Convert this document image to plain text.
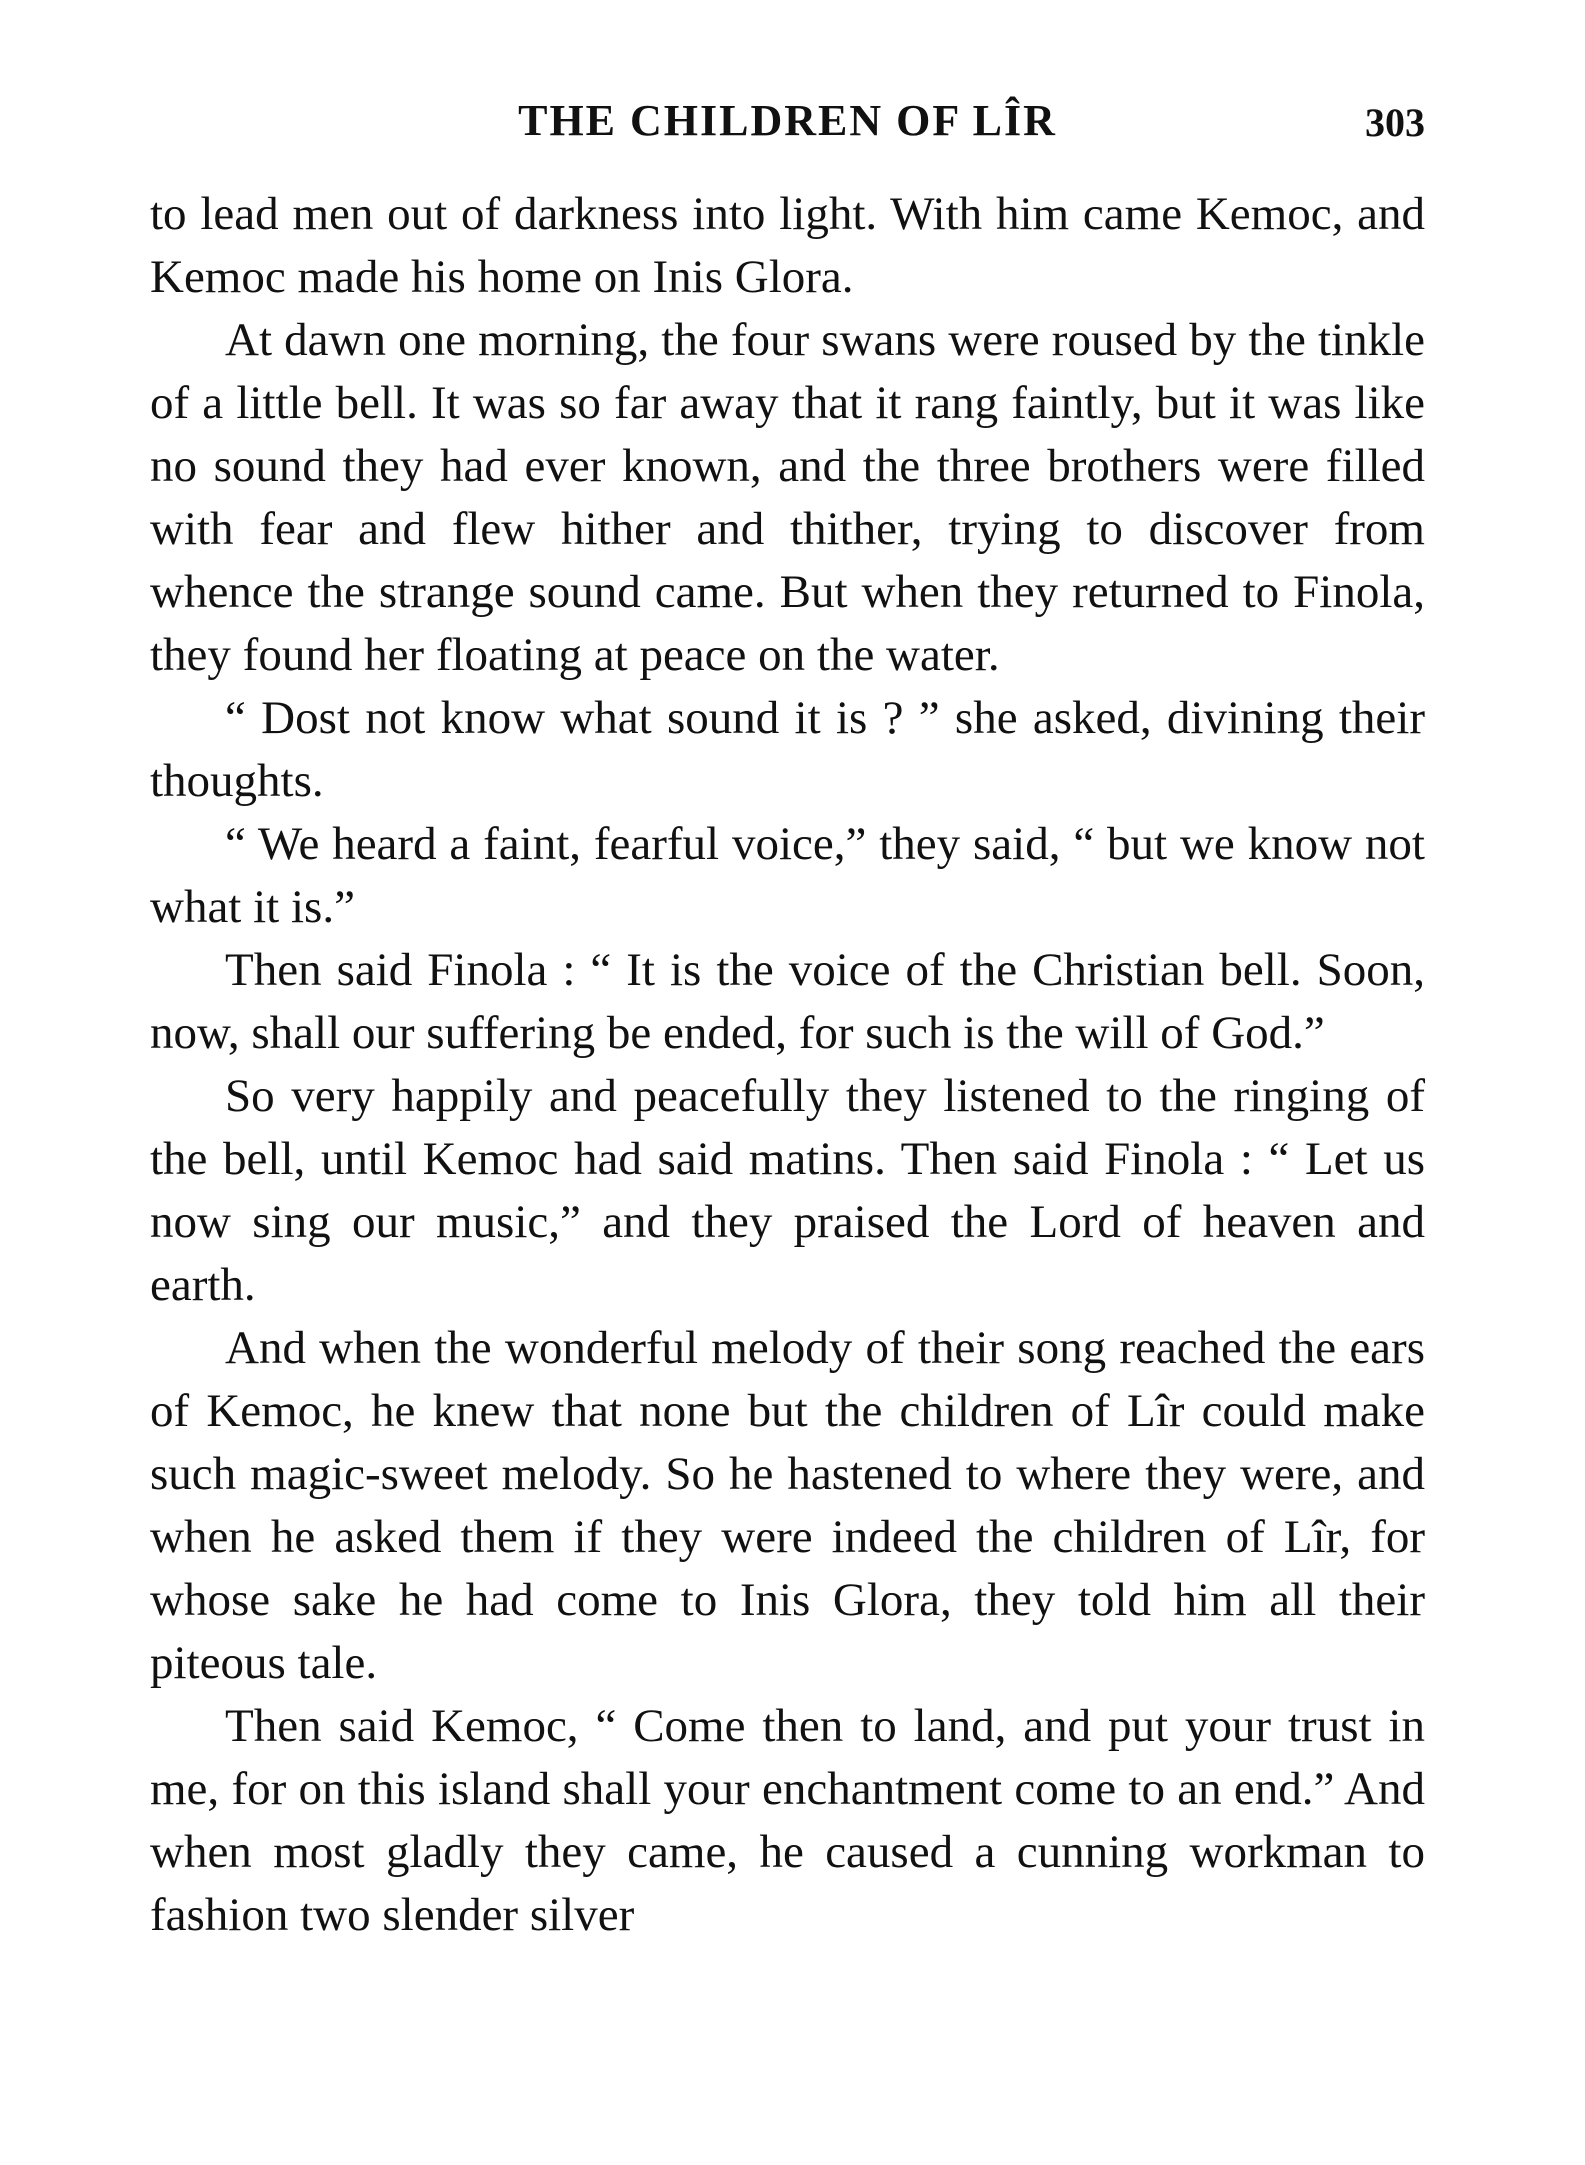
THE CHILDREN OF LÎR	303

to lead men out of darkness into light. With him came Kemoc, and Kemoc made his home on Inis Glora.

At dawn one morning, the four swans were roused by the tinkle of a little bell. It was so far away that it rang faintly, but it was like no sound they had ever known, and the three brothers were filled with fear and flew hither and thither, trying to discover from whence the strange sound came. But when they returned to Finola, they found her floating at peace on the water.

“ Dost not know what sound it is ? ” she asked, divining their thoughts.

“ We heard a faint, fearful voice,” they said, “ but we know not what it is.”

Then said Finola : “ It is the voice of the Christian bell. Soon, now, shall our suffering be ended, for such is the will of God.”

So very happily and peacefully they listened to the ringing of the bell, until Kemoc had said matins. Then said Finola : “ Let us now sing our music,” and they praised the Lord of heaven and earth.

And when the wonderful melody of their song reached the ears of Kemoc, he knew that none but the children of Lîr could make such magic-sweet melody. So he hastened to where they were, and when he asked them if they were indeed the children of Lîr, for whose sake he had come to Inis Glora, they told him all their piteous tale.

Then said Kemoc, “ Come then to land, and put your trust in me, for on this island shall your enchantment come to an end.” And when most gladly they came, he caused a cunning workman to fashion two slender silver
